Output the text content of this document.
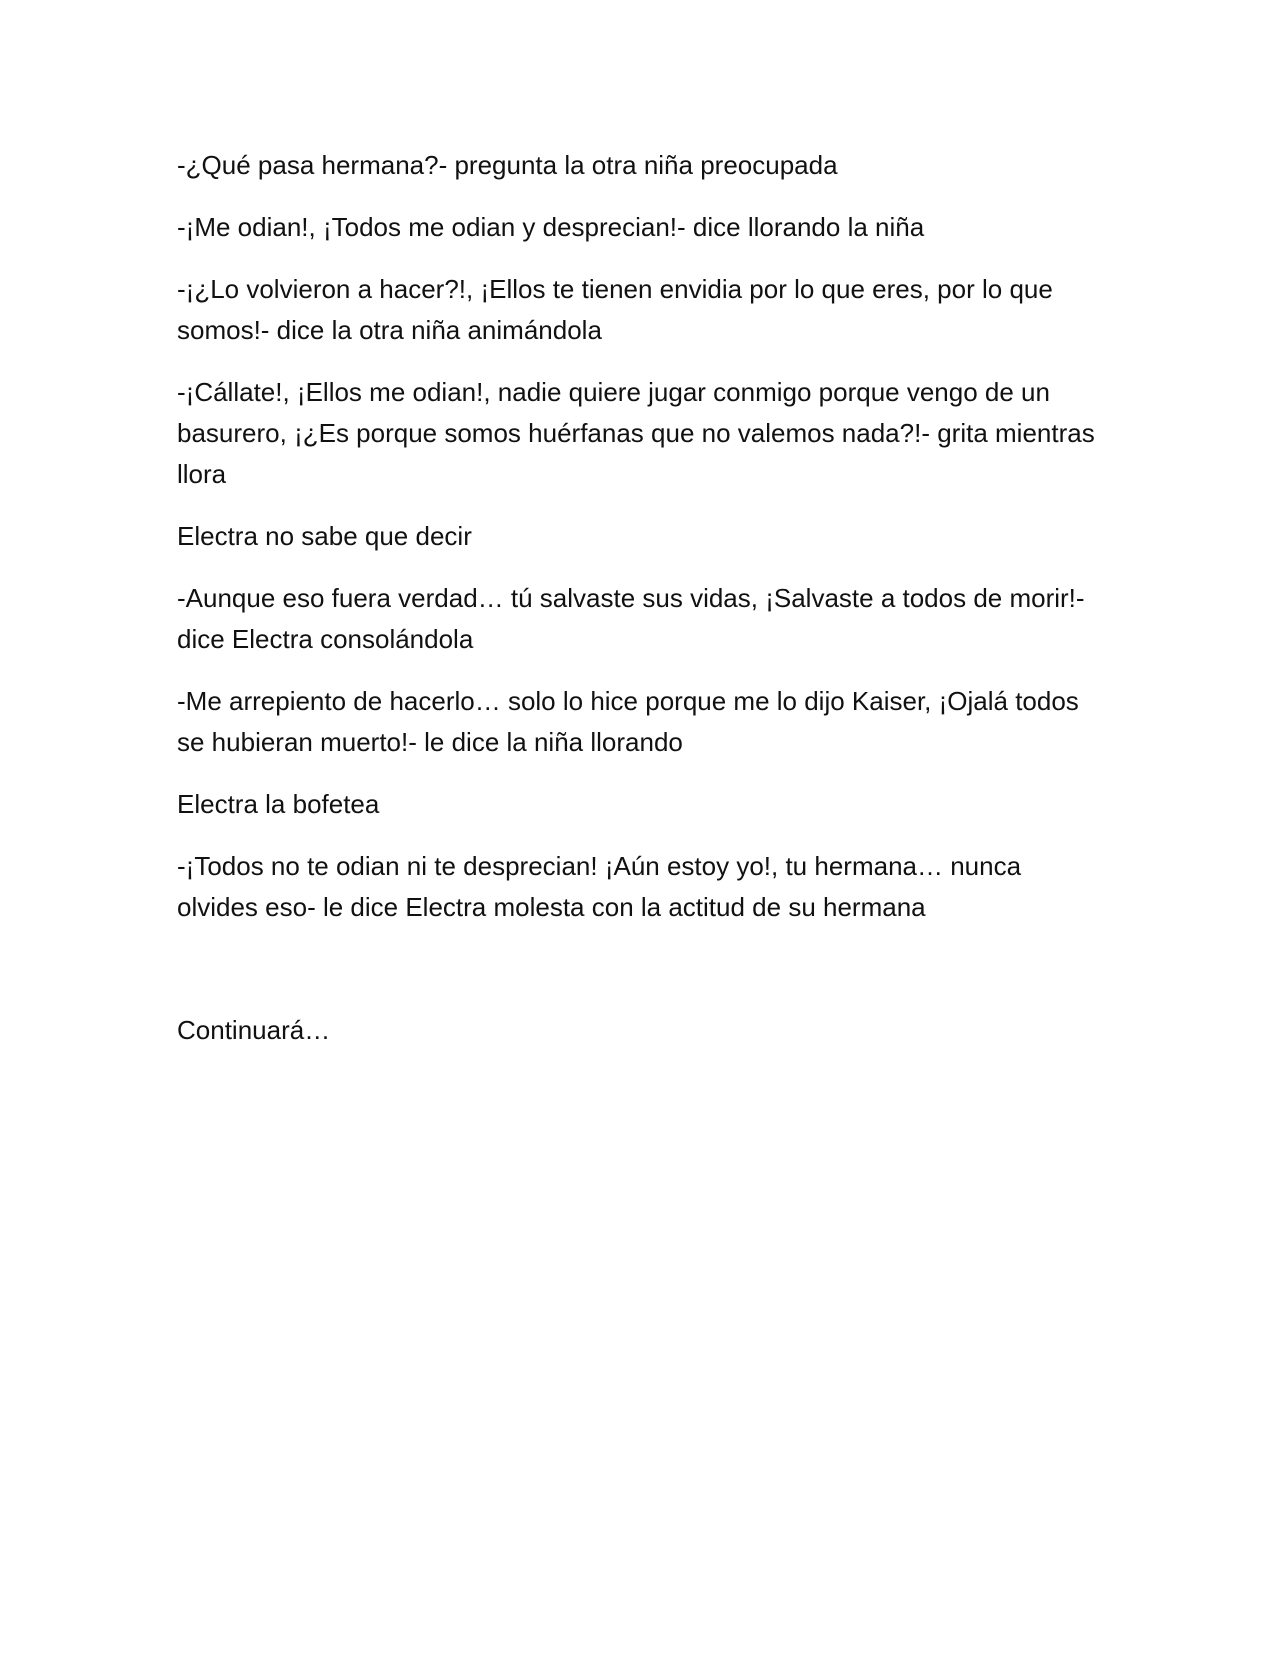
-¿Qué pasa hermana?- pregunta la otra niña preocupada

-¡Me odian!, ¡Todos me odian y desprecian!- dice llorando la niña

-¡¿Lo volvieron a hacer?!, ¡Ellos te tienen envidia por lo que eres, por lo que somos!- dice la otra niña animándola

-¡Cállate!, ¡Ellos me odian!, nadie quiere jugar conmigo porque vengo de un basurero, ¡¿Es porque somos huérfanas que no valemos nada?!- grita mientras llora

Electra no sabe que decir

-Aunque eso fuera verdad… tú salvaste sus vidas, ¡Salvaste a todos de morir!- dice Electra consolándola

-Me arrepiento de hacerlo… solo lo hice porque me lo dijo Kaiser, ¡Ojalá todos se hubieran muerto!- le dice la niña llorando

Electra la bofetea

-¡Todos no te odian ni te desprecian! ¡Aún estoy yo!, tu hermana… nunca olvides eso- le dice Electra molesta con la actitud de su hermana

Continuará…
